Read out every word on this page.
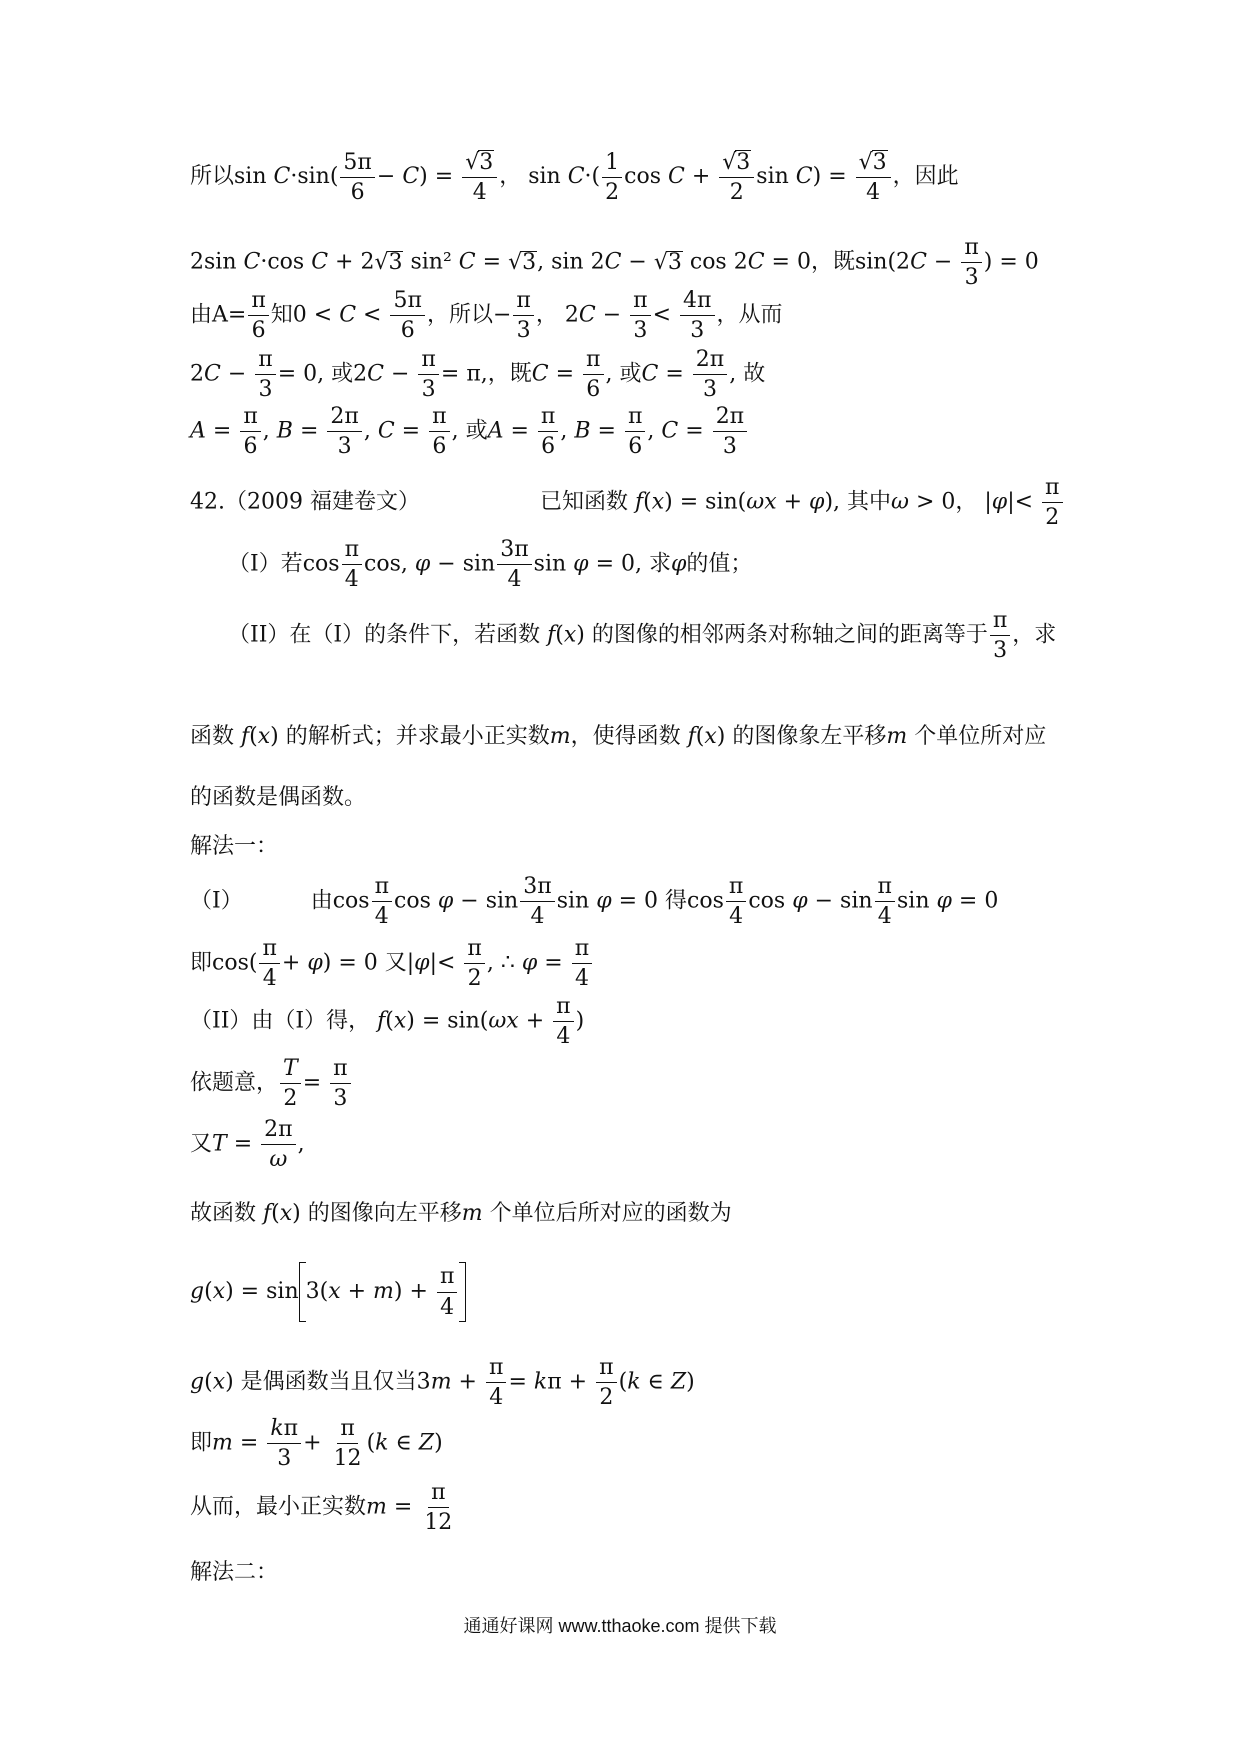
所以$\sin C\cdot\sin( \frac{5\pi}{6} - C) = \frac{√3}{4}$ ， $\sin C\cdot( \frac{1}{2}$ $\cos C + \frac{√3}{2}$ $\sin C) = \frac{√3}{4}$ ，因此
2sin C·cos C + 2√3 sin² C = √3, sin 2C − √3 cos 2C = 0，既$\sin(2C - \frac{\pi}{3}$ ) = 0
由$A= \frac{\pi}{6}$ 知$0 < C < \frac{5\pi}{6}$ ，所以− $\frac{\pi}{3}$ ， $2C - \frac{\pi}{3} < \frac{4\pi}{3}$ ，从而
$2C - \frac{\pi}{3} = 0$, 或$2C - \frac{\pi}{3} = \pi$,，既$C = \frac{\pi}{6}$ , 或$C = \frac{2\pi}{3}$ , 故
$A = \frac{\pi}{6}$ , $B = \frac{2\pi}{3}$ , $C = \frac{\pi}{6}$ , 或$A = \frac{\pi}{6}$ , $B = \frac{\pi}{6}$ , $C = \frac{2\pi}{3}$
42.（2009 福建卷文）	已知函数 f(x) = sin(ωx + φ), 其中ω > 0， $|\varphi|< \frac{\pi}{2}$
（I）若$\cos \frac{\pi}{4} \cos$, $\varphi - \sin \frac{3\pi}{4}$ sin φ = 0, 求φ的值；
（II）在（I）的条件下，若函数 f(x) 的图像的相邻两条对称轴之间的距离等于 $\frac{\pi}{3}$ ，求
函数 f(x) 的解析式；并求最小正实数m，使得函数 f(x) 的图像象左平移m 个单位所对应
的函数是偶函数。
解法一：
（I）	由$\cos \frac{\pi}{4}$ $\cos \varphi - \sin \frac{3\pi}{4}$ sin φ = 0 得$\cos \frac{\pi}{4}$ $\cos \varphi - \sin \frac{\pi}{4}$ sin φ = 0
即$\cos( \frac{\pi}{4} + \varphi) = 0$ 又$|\varphi|< \frac{\pi}{2}$ , ∴ $\varphi = \frac{\pi}{4}$
（II）由（I）得， $f(x) = \sin(\omega x + \frac{\pi}{4}$ )
依题意， $\frac{T}{2} = \frac{\pi}{3}$
又$T = \frac{2\pi}{\omega}$ ,
故函数 f(x) 的图像向左平移m 个单位后所对应的函数为
$g(x) = \sin 3(x + m) + \frac{\pi}{4}$
g(x) 是偶函数当且仅当$3m + \frac{\pi}{4} = k\pi + \frac{\pi}{2} (k$ ∈ Z)
即$m = \frac{k\pi}{3} + \frac{\pi}{12} (k$ ∈ Z)
从而，最小正实数$m = \frac{\pi}{12}$
解法二：
通通好课网 www.tthaoke.com 提供下载
